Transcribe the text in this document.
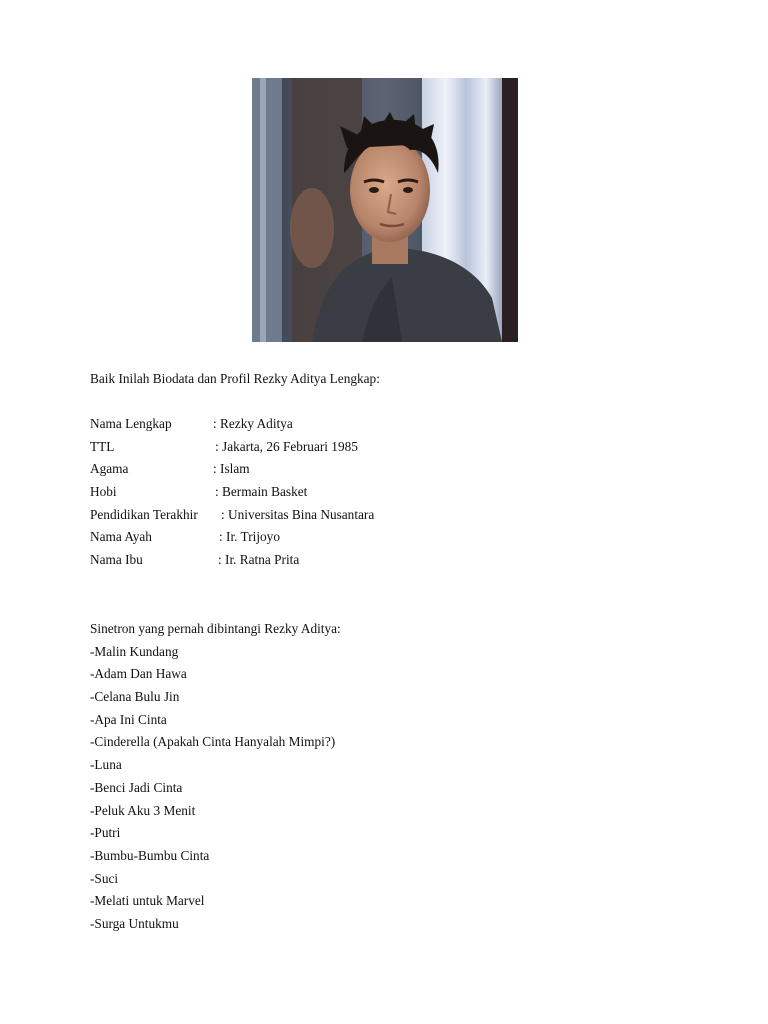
Baik Inilah Biodata dan Profil Rezky Aditya Lengkap:
Nama Lengkap	: Rezky Aditya
TTL	: Jakarta, 26 Februari 1985
Agama	: Islam
Hobi	: Bermain Basket
Pendidikan Terakhir : Universitas Bina Nusantara
Nama Ayah	: Ir. Trijoyo
Nama Ibu	: Ir. Ratna Prita
Sinetron yang pernah dibintangi Rezky Aditya:
-Malin Kundang
-Adam Dan Hawa
-Celana Bulu Jin
-Apa Ini Cinta
-Cinderella (Apakah Cinta Hanyalah Mimpi?)
-Luna
-Benci Jadi Cinta
-Peluk Aku 3 Menit
-Putri
-Bumbu-Bumbu Cinta
-Suci
-Melati untuk Marvel
-Surga Untukmu
